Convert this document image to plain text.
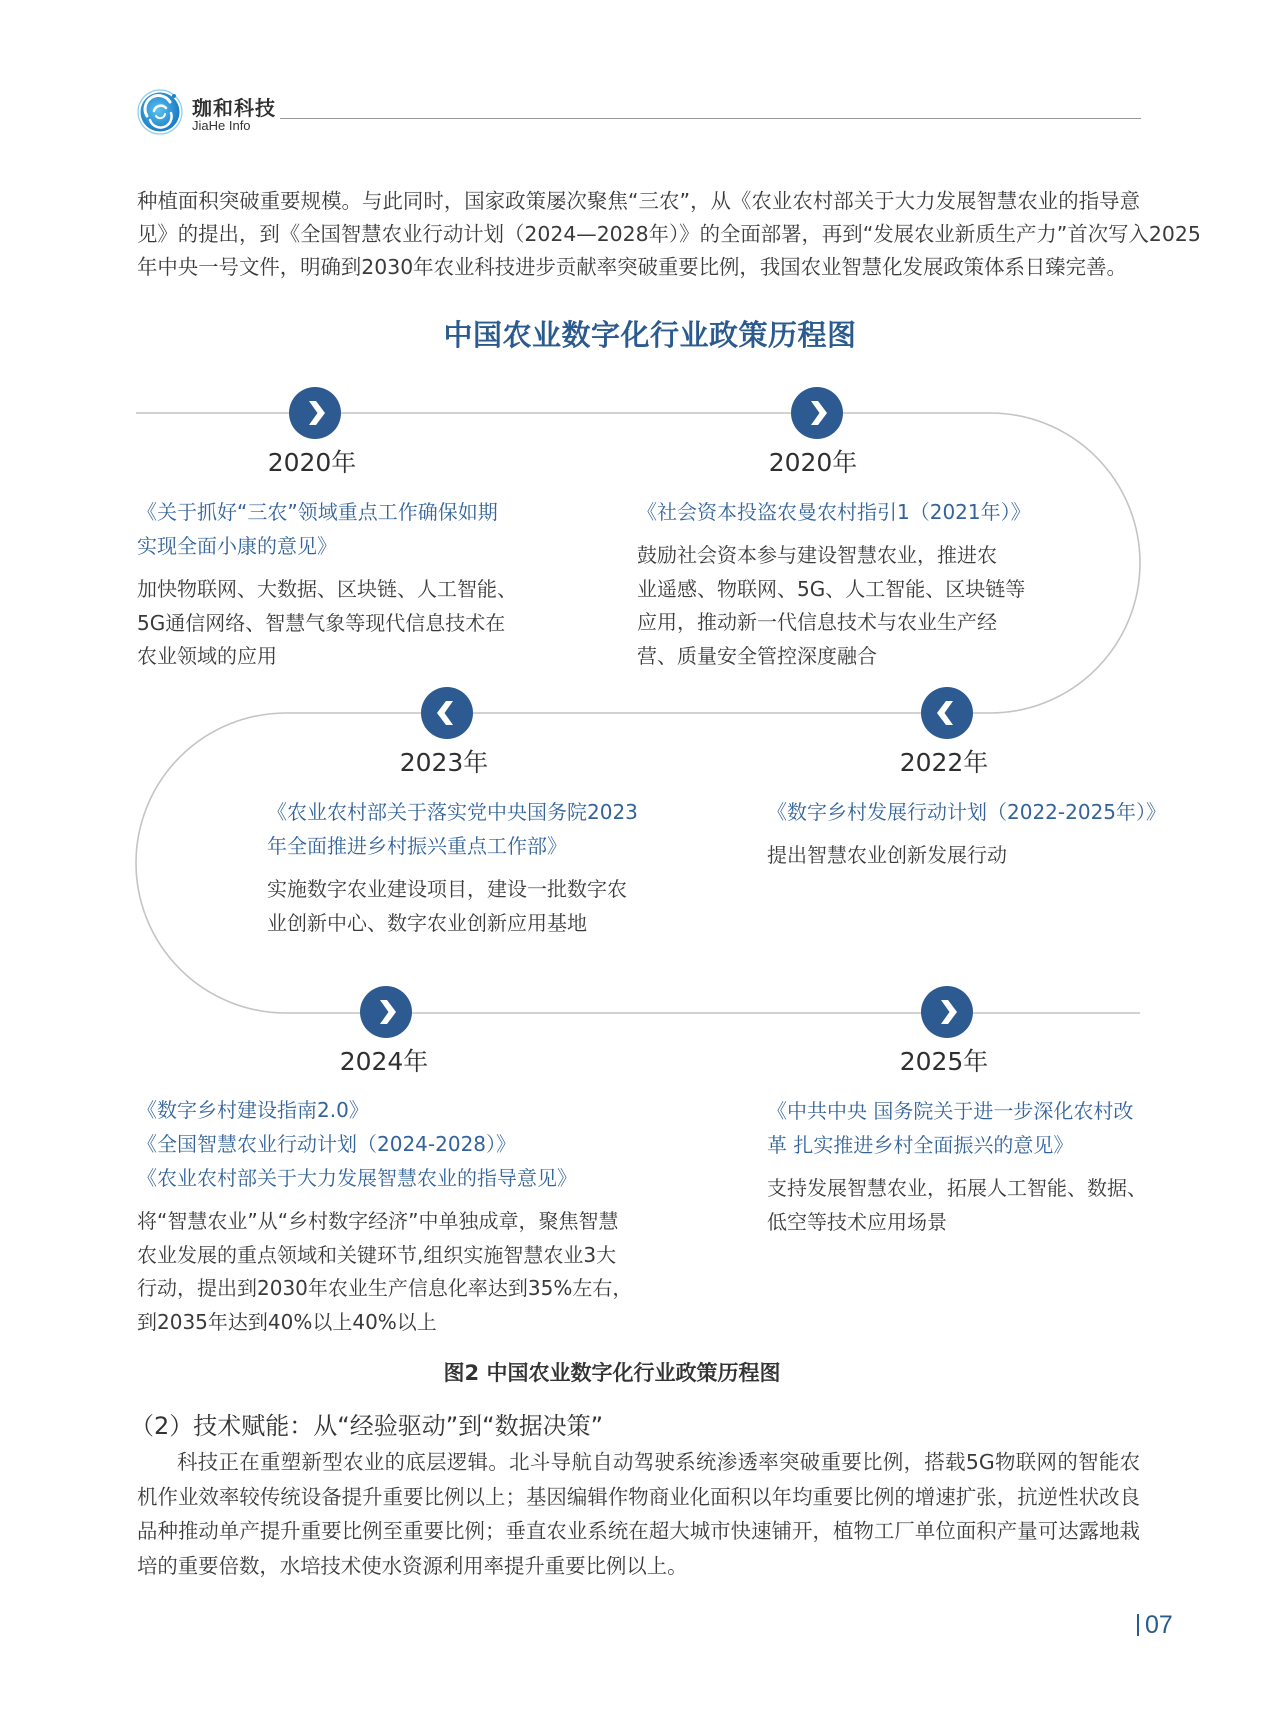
珈和科技
JiaHe Info
种植面积突破重要规模。与此同时，国家政策屡次聚焦“三农”，从《农业农村部关于大力发展智慧农业的指导意
见》的提出，到《全国智慧农业行动计划（2024—2028年）》的全面部署，再到“发展农业新质生产力”首次写入2025
年中央一号文件，明确到2030年农业科技进步贡献率突破重要比例，我国农业智慧化发展政策体系日臻完善。
中国农业数字化行业政策历程图
2020年
《关于抓好“三农”领域重点工作确保如期
实现全面小康的意见》
加快物联网、大数据、区块链、人工智能、
5G通信网络、智慧气象等现代信息技术在
农业领域的应用
2020年
《社会资本投盗农曼农村指引1（2021年）》
鼓励社会资本参与建设智慧农业，推进农
业遥感、物联网、5G、人工智能、区块链等
应用，推动新一代信息技术与农业生产经
营、质量安全管控深度融合
2023年
《农业农村部关于落实党中央国务院2023
年全面推进乡村振兴重点工作部》
实施数字农业建设项目，建设一批数字农
业创新中心、数字农业创新应用基地
2022年
《数字乡村发展行动计划（2022-2025年）》
提出智慧农业创新发展行动
2024年
《数字乡村建设指南2.0》
《全国智慧农业行动计划（2024-2028）》
《农业农村部关于大力发展智慧农业的指导意见》
将“智慧农业”从“乡村数字经济”中单独成章，聚焦智慧
农业发展的重点领域和关键环节,组织实施智慧农业3大
行动，提出到2030年农业生产信息化率达到35%左右，
到2035年达到40%以上40%以上
2025年
《中共中央 国务院关于进一步深化农村改
革 扎实推进乡村全面振兴的意见》
支持发展智慧农业，拓展人工智能、数据、
低空等技术应用场景
图2 中国农业数字化行业政策历程图
（2）技术赋能：从“经验驱动”到“数据决策”
科技正在重塑新型农业的底层逻辑。北斗导航自动驾驶系统渗透率突破重要比例，搭载5G物联网的智能农
机作业效率较传统设备提升重要比例以上；基因编辑作物商业化面积以年均重要比例的增速扩张，抗逆性状改良
品种推动单产提升重要比例至重要比例；垂直农业系统在超大城市快速铺开，植物工厂单位面积产量可达露地栽
培的重要倍数，水培技术使水资源利用率提升重要比例以上。
07
